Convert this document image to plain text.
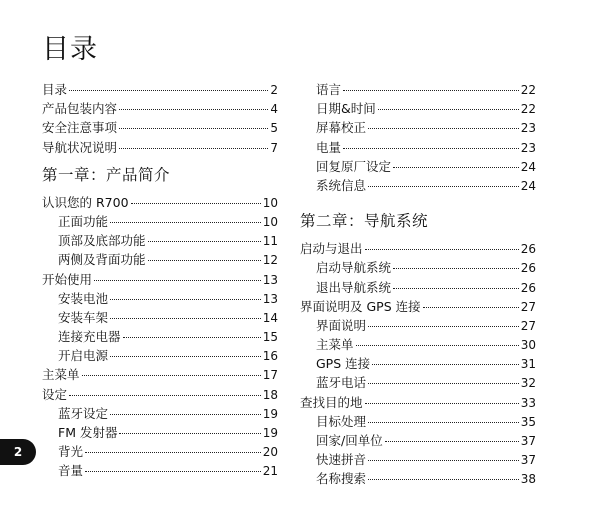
目录
目录	2
产品包装内容	4
安全注意事项	5
导航状况说明	7
第一章：产品简介
认识您的 R700	10
正面功能	10
顶部及底部功能	11
两侧及背面功能	12
开始使用	13
安装电池	13
安装车架	14
连接充电器	15
开启电源	16
主菜单	17
设定	18
蓝牙设定	19
FM 发射器	19
背光	20
音量	21
语言	22
日期&时间	22
屏幕校正	23
电量	23
回复原厂设定	24
系统信息	24
第二章：导航系统
启动与退出	26
启动导航系统	26
退出导航系统	26
界面说明及 GPS 连接	27
界面说明	27
主菜单	30
GPS 连接	31
蓝牙电话	32
查找目的地	33
目标处理	35
回家/回单位	37
快速拼音	37
名称搜索	38
2
